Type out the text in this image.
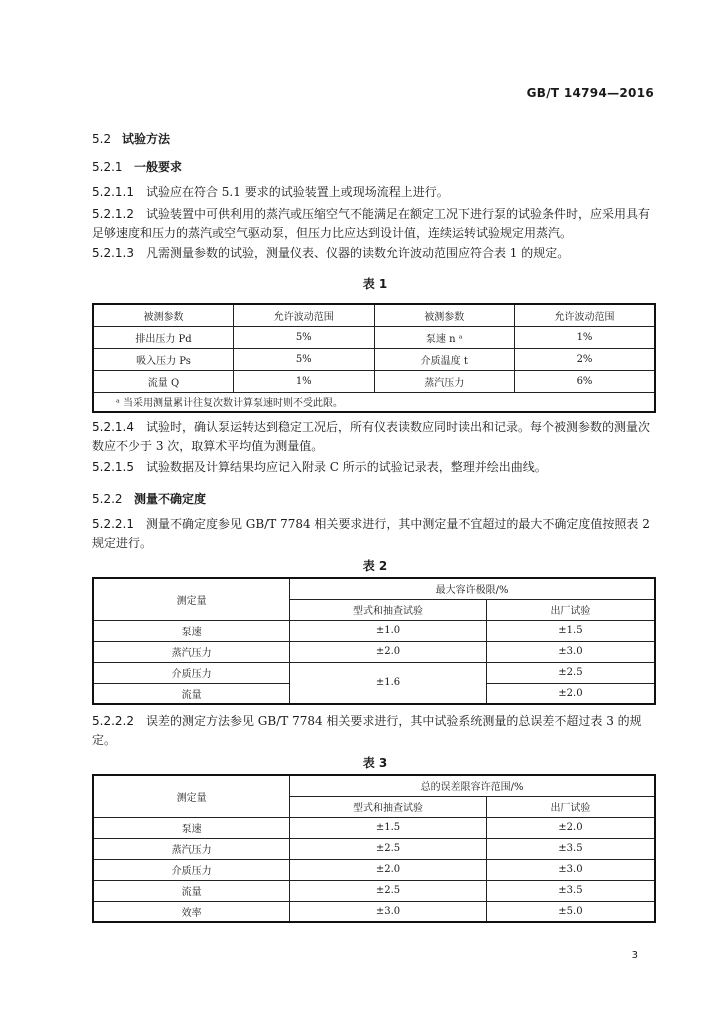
GB/T 14794—2016
5.2 试验方法
5.2.1 一般要求
5.2.1.1 试验应在符合 5.1 要求的试验装置上或现场流程上进行。
5.2.1.2 试验装置中可供利用的蒸汽或压缩空气不能满足在额定工况下进行泵的试验条件时，应采用具有足够速度和压力的蒸汽或空气驱动泵，但压力比应达到设计值，连续运转试验规定用蒸汽。
5.2.1.3 凡需测量参数的试验，测量仪表、仪器的读数允许波动范围应符合表 1 的规定。
表 1
被测参数	允许波动范围	被测参数	允许波动范围
排出压力 Pd	5%	泵速 n ᵃ	1%
吸入压力 Ps	5%	介质温度 t	2%
流量 Q	1%	蒸汽压力	6%
ᵃ 当采用测量累计往复次数计算泵速时则不受此限。			
5.2.1.4 试验时，确认泵运转达到稳定工况后，所有仪表读数应同时读出和记录。每个被测参数的测量次数应不少于 3 次，取算术平均值为测量值。
5.2.1.5 试验数据及计算结果均应记入附录 C 所示的试验记录表，整理并绘出曲线。
5.2.2 测量不确定度
5.2.2.1 测量不确定度参见 GB/T 7784 相关要求进行，其中测定量不宜超过的最大不确定度值按照表 2 规定进行。
表 2
测定量	最大容许极限/%	
	型式和抽查试验	出厂试验
泵速	±1.0	±1.5
蒸汽压力	±2.0	±3.0
介质压力	±1.6	±2.5
流量		±2.0
5.2.2.2 误差的测定方法参见 GB/T 7784 相关要求进行，其中试验系统测量的总误差不超过表 3 的规定。
表 3
测定量	总的误差限容许范围/%	
	型式和抽查试验	出厂试验
泵速	±1.5	±2.0
蒸汽压力	±2.5	±3.5
介质压力	±2.0	±3.0
流量	±2.5	±3.5
效率	±3.0	±5.0
3
